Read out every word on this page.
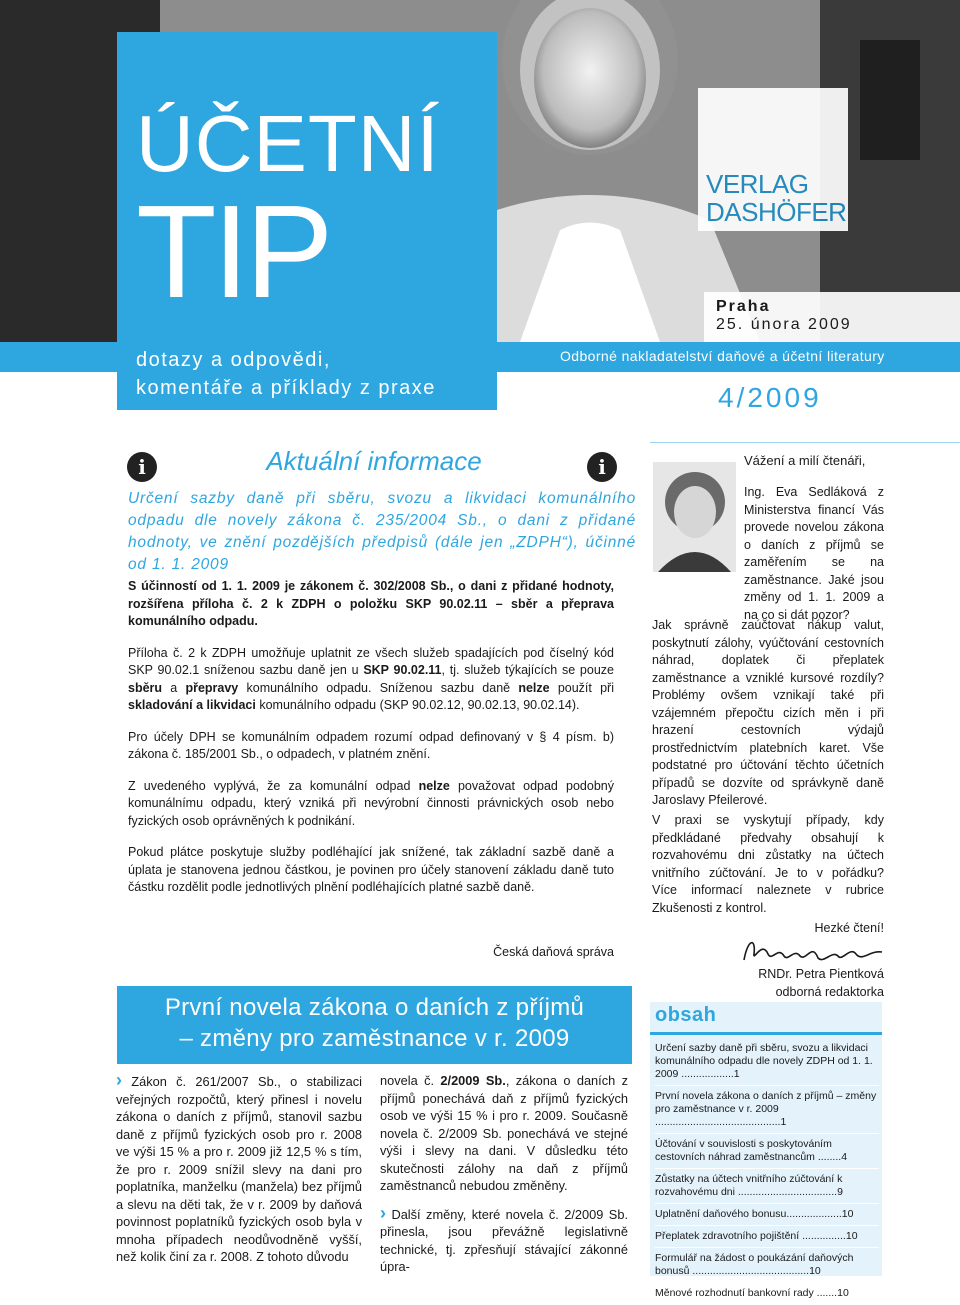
ÚČETNÍ
TIP
dotazy a odpovědi,
komentáře a příklady z praxe
VERLAG
DASHÖFER
Praha
25. února 2009
Odborné nakladatelství daňové a účetní literatury
4/2009
i	i
Aktuální informace
Určení sazby daně při sběru, svozu a likvidaci komunálního odpadu dle novely zákona č. 235/2004 Sb., o dani z přidané hodnoty, ve znění pozdějších předpisů (dále jen „ZDPH“), účinné od 1. 1. 2009

S účinností od 1. 1. 2009 je zákonem č. 302/2008 Sb., o dani z přidané hodnoty, rozšířena příloha č. 2 k ZDPH o položku SKP 90.02.11 – sběr a přeprava komunálního odpadu.

Příloha č. 2 k ZDPH umožňuje uplatnit ze všech služeb spadajících pod číselný kód SKP 90.02.1 sníženou sazbu daně jen u SKP 90.02.11, tj. služeb týkajících se pouze sběru a přepravy komunálního odpadu. Sníženou sazbu daně nelze použít při skladování a likvidaci komunálního odpadu (SKP 90.02.12, 90.02.13, 90.02.14).

Pro účely DPH se komunálním odpadem rozumí odpad definovaný v § 4 písm. b) zákona č. 185/2001 Sb., o odpadech, v platném znění.

Z uvedeného vyplývá, že za komunální odpad nelze považovat odpad podobný komunálnímu odpadu, který vzniká při nevýrobní činnosti právnických osob nebo fyzických osob oprávněných k podnikání.

Pokud plátce poskytuje služby podléhající jak snížené, tak základní sazbě daně a úplata je stanovena jednou částkou, je povinen pro účely stanovení základu daně tuto částku rozdělit podle jednotlivých plnění podléhajících platné sazbě daně.

Česká daňová správa
Vážení a milí čtenáři,
Ing. Eva Sedláková z Ministerstva financí Vás provede novelou zákona o daních z příjmů se zaměřením se na zaměstnance. Jaké jsou změny od 1. 1. 2009 a na co si dát pozor?
Jak správně zaúčtovat nákup valut, poskytnutí zálohy, vyúčtování cestovních náhrad, doplatek či přeplatek zaměstnance a vzniklé kursové rozdíly? Problémy ovšem vznikají také při vzájemném přepočtu cizích měn i při hrazení cestovních výdajů prostřednictvím platebních karet. Vše podstatné pro účtování těchto účetních případů se dozvíte od správkyně daně Jaroslavy Pfeilerové.
V praxi se vyskytují případy, kdy předkládané předvahy obsahují k rozvahovému dni zůstatky na účtech vnitřního zúčtování. Je to v pořádku? Více informací naleznete v rubrice Zkušenosti z kontrol.
Hezké čtení!
RNDr. Petra Pientková
odborná redaktorka
První novela zákona o daních z příjmů
– změny pro zaměstnance v r. 2009
› Zákon č. 261/2007 Sb., o stabilizaci veřejných rozpočtů, který přinesl i novelu zákona o daních z příjmů, stanovil sazbu daně z příjmů fyzických osob pro r. 2008 ve výši 15 % a pro r. 2009 již 12,5 % s tím, že pro r. 2009 snížil slevy na dani pro poplatníka, manželku (manžela) bez příjmů a slevu na děti tak, že v r. 2009 by daňová povinnost poplatníků fyzických osob byla v mnoha případech neodůvodněně vyšší, než kolik činí za r. 2008. Z tohoto důvodu

novela č. 2/2009 Sb., zákona o daních z příjmů ponechává daň z příjmů fyzických osob ve výši 15 % i pro r. 2009. Současně novela č. 2/2009 Sb. ponechává ve stejné výši i slevy na dani. V důsledku této skutečnosti zálohy na daň z příjmů zaměstnanců nebudou změněny.

› Další změny, které novela č. 2/2009 Sb. přinesla, jsou převážně legislativně technické, tj. zpřesňují stávající zákonné úpra-

obsah
Určení sazby daně při sběru, svozu a likvidaci komunálního odpadu dle novely ZDPH od 1. 1. 2009 ..................1
První novela zákona o daních z příjmů – změny pro zaměstnance v r. 2009 ...........................................1
Účtování v souvislosti s poskytováním cestovních náhrad zaměstnancům ........4
Zůstatky na účtech vnitřního zúčtování k rozvahovému dni ..................................9
Uplatnění daňového bonusu...................10
Přeplatek zdravotního pojištění ...............10
Formulář na žádost o poukázání daňových bonusů ........................................10
Měnové rozhodnutí bankovní rady .......10
